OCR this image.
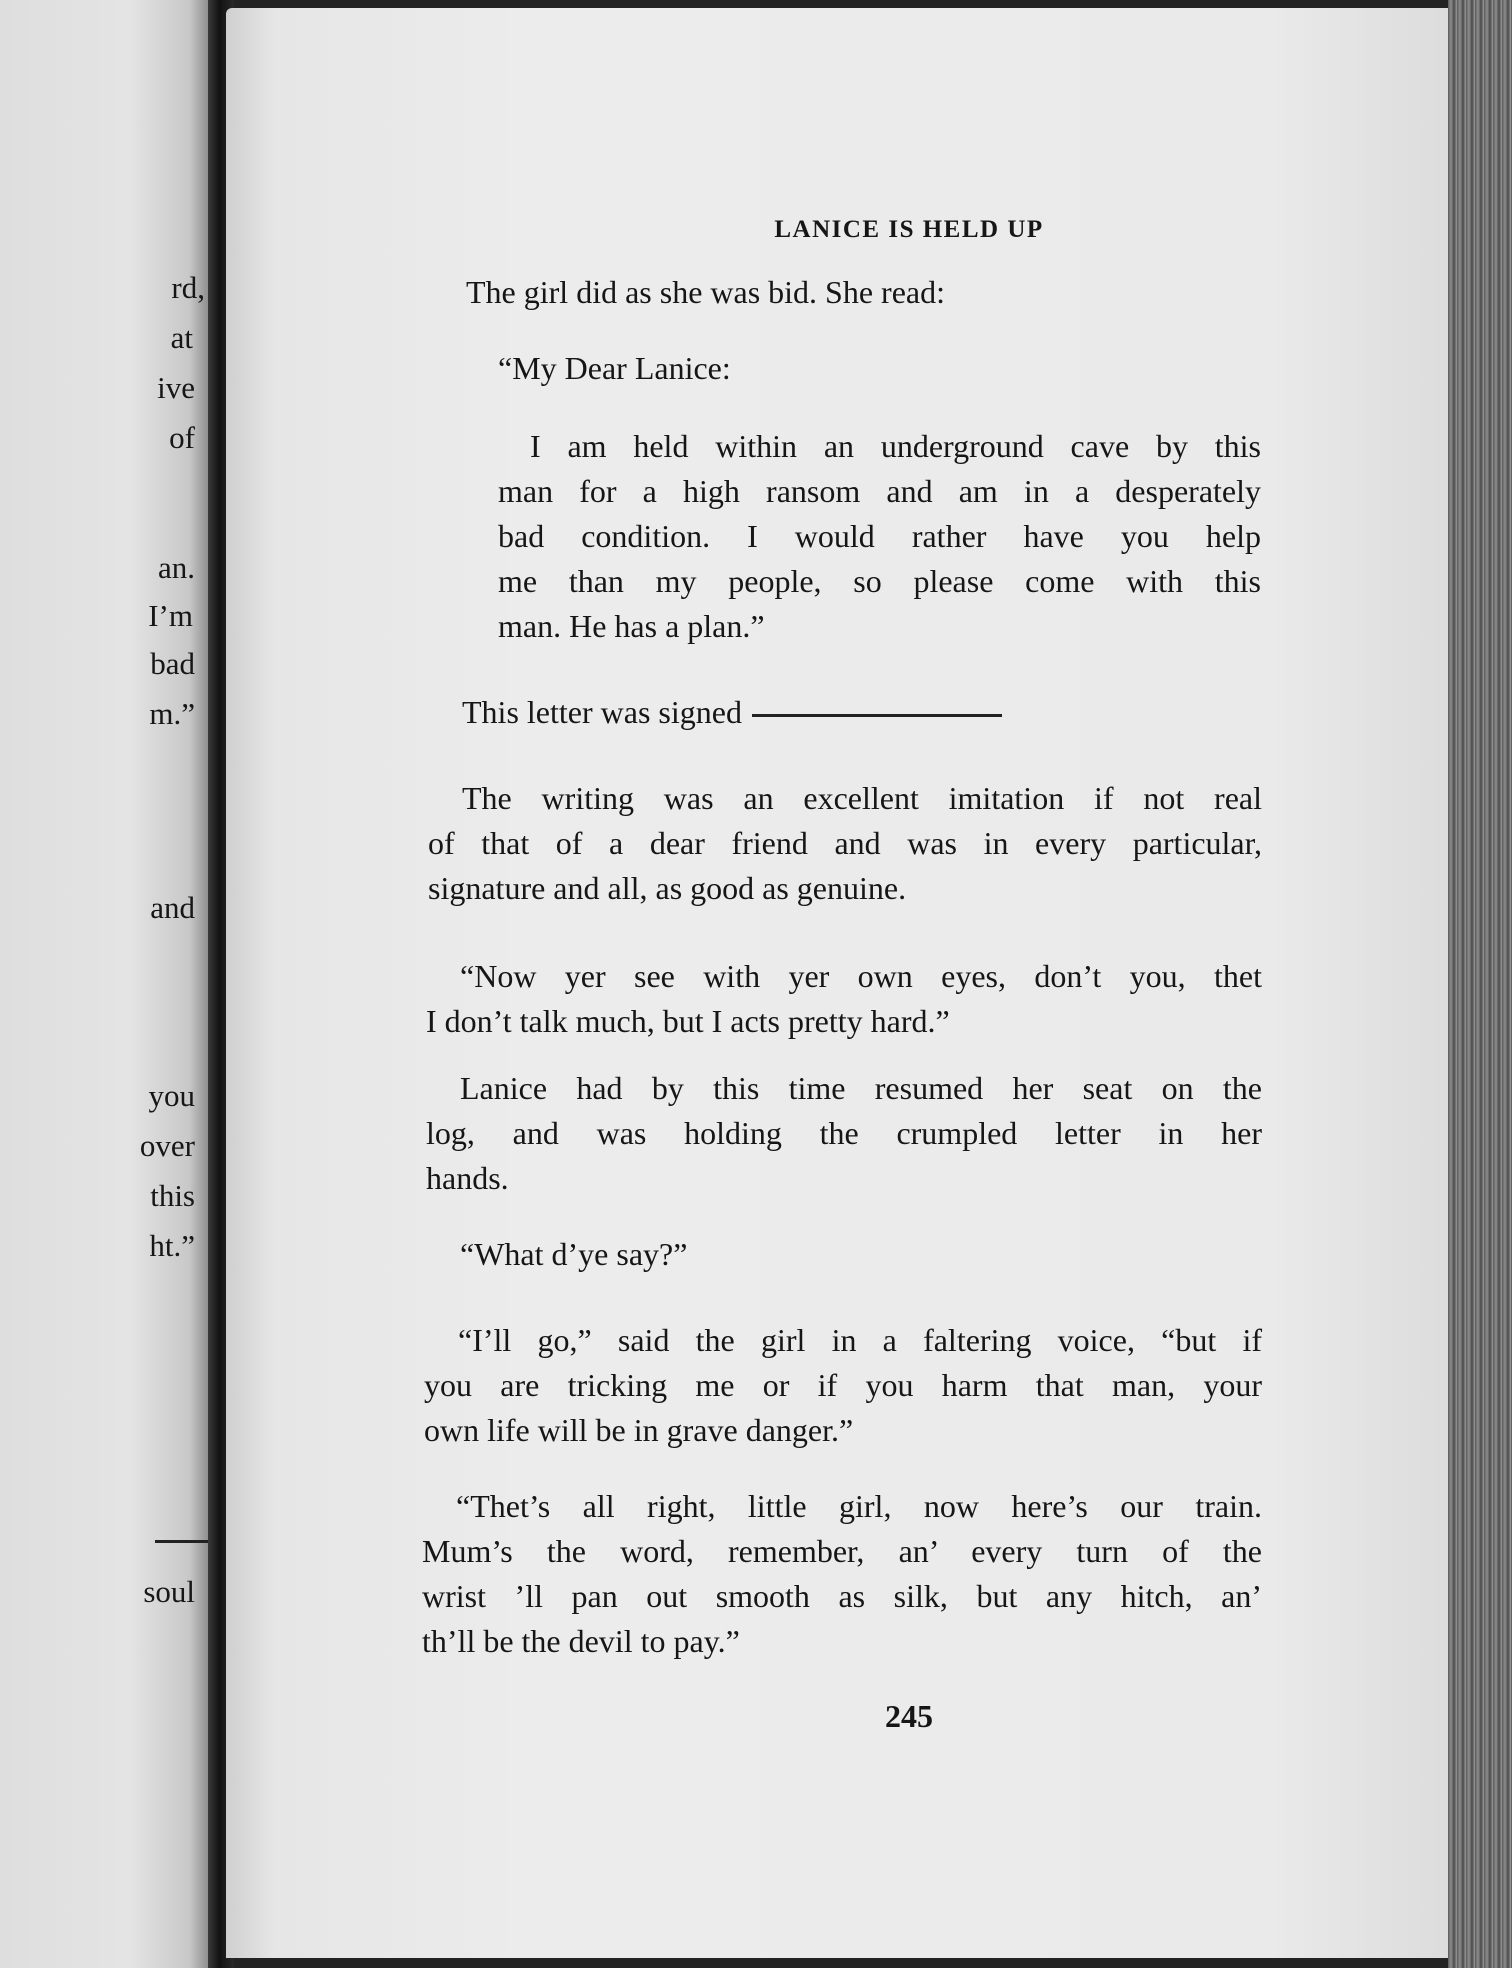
rd,
at
ive
of
an.
I’m
bad
m.”
and
you
over
this
ht.”
soul
LANICE IS HELD UP
The girl did as she was bid. She read:
“My Dear Lanice:
I am held within an underground cave by this
man for a high ransom and am in a desperately
bad condition. I would rather have you help
me than my people, so please come with this
man. He has a plan.”
This letter was signed
The writing was an excellent imitation if not real
of that of a dear friend and was in every particular,
signature and all, as good as genuine.
“Now yer see with yer own eyes, don’t you, thet
I don’t talk much, but I acts pretty hard.”
Lanice had by this time resumed her seat on the
log, and was holding the crumpled letter in her
hands.
“What d’ye say?”
“I’ll go,” said the girl in a faltering voice, “but if
you are tricking me or if you harm that man, your
own life will be in grave danger.”
“Thet’s all right, little girl, now here’s our train.
Mum’s the word, remember, an’ every turn of the
wrist ’ll pan out smooth as silk, but any hitch, an’
th’ll be the devil to pay.”
245
